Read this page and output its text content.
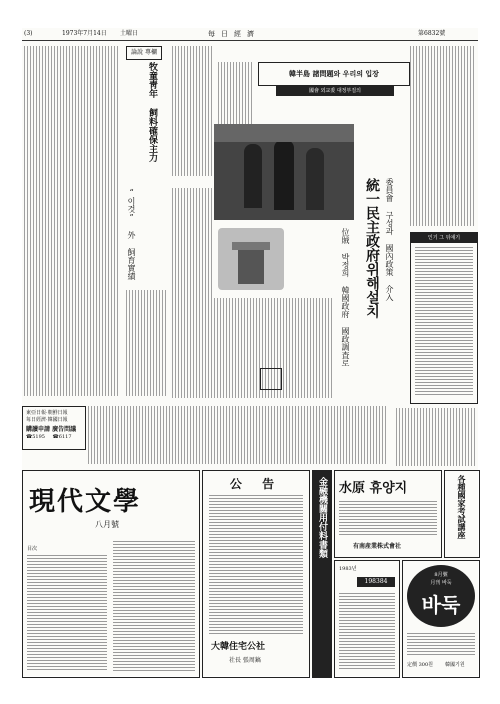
(3)	1973年7月14日 土曜日	每日經濟	第6832號
論說 專欄
牧童靑年 飼料確保主力
“이것” 外 飼育實績
韓半島 諸問題와 우리의 입장
國會 외교委 대정부질의
統一民主政府위해설치
位賊 박정희 韓國政府 國政調査로	委員會 구성과 國內政策 介入	인기 그 뒤얘기
東亞日報·朝鮮日報
每日經濟·韓國日報
購讀申請 廣告問議
☎5195 ☎6117
現代文學
八月號
目次
公 告
大韓住宅公社
社長 張周鎬
金融機關用付料書類 水原 휴양지
有南産業株式會社
各種國家考試講座
1983년
198384
8月號
月刊 바둑
바둑
定價 300원 韓國기원
